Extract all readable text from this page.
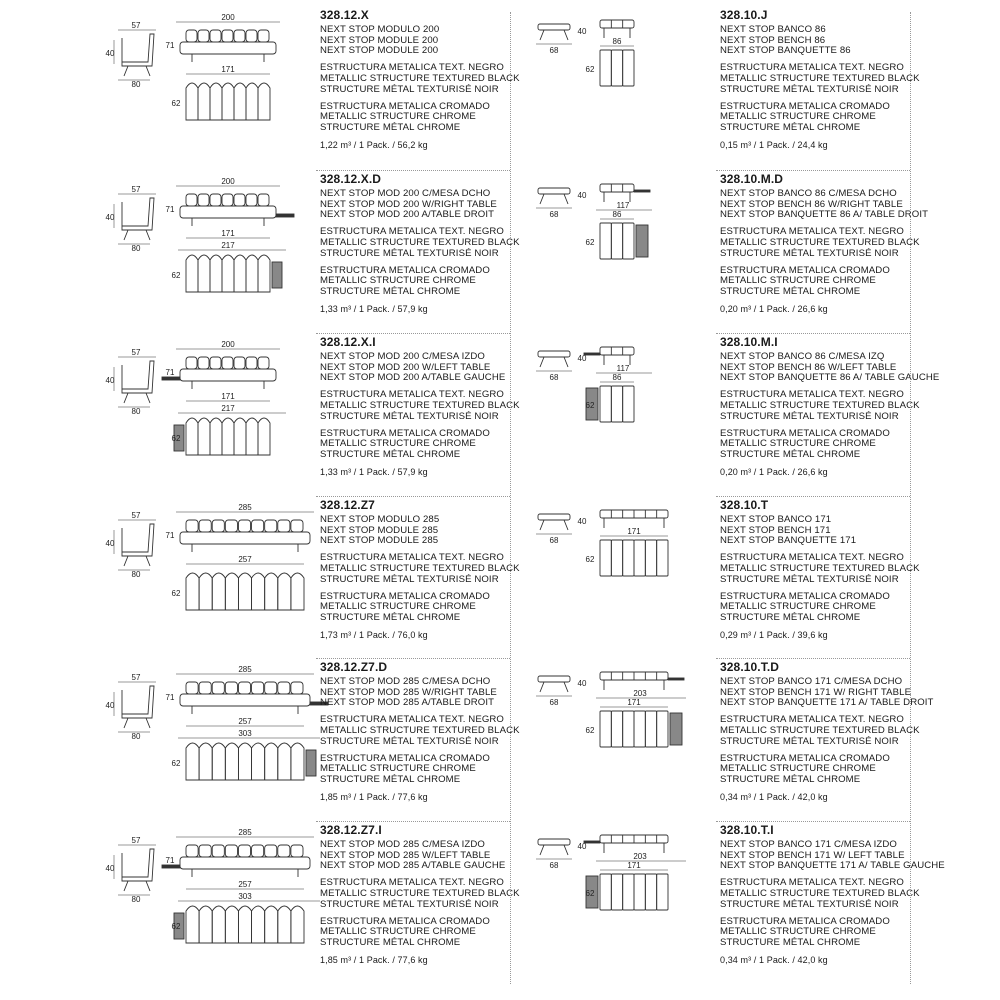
57
40
80
200
71
171
62
328.12.X
NEXT STOP MODULO 200
NEXT STOP MODULE 200
NEXT STOP MODULE 200
ESTRUCTURA METALICA TEXT. NEGRO
METALLIC STRUCTURE TEXTURED BLACK
STRUCTURE MÉTAL TEXTURISÉ NOIR
ESTRUCTURA METALICA CROMADO
METALLIC STRUCTURE CHROME
STRUCTURE MÉTAL CHROME
1,22 m³ / 1 Pack. / 56,2 kg
57
40
80
200
71
171
217
62
328.12.X.D
NEXT STOP MOD 200 C/MESA DCHO
NEXT STOP MOD 200 W/RIGHT TABLE
NEXT STOP MOD 200 A/TABLE DROIT
ESTRUCTURA METALICA TEXT. NEGRO
METALLIC STRUCTURE TEXTURED BLACK
STRUCTURE MÉTAL TEXTURISÉ NOIR
ESTRUCTURA METALICA CROMADO
METALLIC STRUCTURE CHROME
STRUCTURE MÉTAL CHROME
1,33 m³ / 1 Pack. / 57,9 kg
57
40
80
200
71
171
217
62
328.12.X.I
NEXT STOP MOD 200 C/MESA IZDO
NEXT STOP MOD 200 W/LEFT TABLE
NEXT STOP MOD 200 A/TABLE GAUCHE
ESTRUCTURA METALICA TEXT. NEGRO
METALLIC STRUCTURE TEXTURED BLACK
STRUCTURE MÉTAL TEXTURISÉ NOIR
ESTRUCTURA METALICA CROMADO
METALLIC STRUCTURE CHROME
STRUCTURE MÉTAL CHROME
1,33 m³ / 1 Pack. / 57,9 kg
57
40
80
285
71
257
62
328.12.Z7
NEXT STOP MODULO 285
NEXT STOP MODULE 285
NEXT STOP MODULE 285
ESTRUCTURA METALICA TEXT. NEGRO
METALLIC STRUCTURE TEXTURED BLACK
STRUCTURE MÉTAL TEXTURISÉ NOIR
ESTRUCTURA METALICA CROMADO
METALLIC STRUCTURE CHROME
STRUCTURE MÉTAL CHROME
1,73 m³ / 1 Pack. / 76,0 kg
57
40
80
285
71
257
303
62
328.12.Z7.D
NEXT STOP MOD 285 C/MESA DCHO
NEXT STOP MOD 285 W/RIGHT TABLE
NEXT STOP MOD 285 A/TABLE DROIT
ESTRUCTURA METALICA TEXT. NEGRO
METALLIC STRUCTURE TEXTURED BLACK
STRUCTURE MÉTAL TEXTURISÉ NOIR
ESTRUCTURA METALICA CROMADO
METALLIC STRUCTURE CHROME
STRUCTURE MÉTAL CHROME
1,85 m³ / 1 Pack. / 77,6 kg
57
40
80
285
71
257
303
62
328.12.Z7.I
NEXT STOP MOD 285 C/MESA IZDO
NEXT STOP MOD 285 W/LEFT TABLE
NEXT STOP MOD 285 A/TABLE GAUCHE
ESTRUCTURA METALICA TEXT. NEGRO
METALLIC STRUCTURE TEXTURED BLACK
STRUCTURE MÉTAL TEXTURISÉ NOIR
ESTRUCTURA METALICA CROMADO
METALLIC STRUCTURE CHROME
STRUCTURE MÉTAL CHROME
1,85 m³ / 1 Pack. / 77,6 kg
68
40
86
62
328.10.J
NEXT STOP BANCO 86
NEXT STOP BENCH 86
NEXT STOP BANQUETTE 86
ESTRUCTURA METALICA TEXT. NEGRO
METALLIC STRUCTURE TEXTURED BLACK
STRUCTURE MÉTAL TEXTURISÉ NOIR
ESTRUCTURA METALICA CROMADO
METALLIC STRUCTURE CHROME
STRUCTURE MÉTAL CHROME
0,15 m³ / 1 Pack. / 24,4 kg
68
40
117
86
62
328.10.M.D
NEXT STOP BANCO 86 C/MESA DCHO
NEXT STOP BENCH 86 W/RIGHT TABLE
NEXT STOP BANQUETTE 86 A/ TABLE DROIT
ESTRUCTURA METALICA TEXT. NEGRO
METALLIC STRUCTURE TEXTURED BLACK
STRUCTURE MÉTAL TEXTURISÉ NOIR
ESTRUCTURA METALICA CROMADO
METALLIC STRUCTURE CHROME
STRUCTURE MÉTAL CHROME
0,20 m³ / 1 Pack. / 26,6 kg
68
40
117
86
62
328.10.M.I
NEXT STOP BANCO 86 C/MESA IZQ
NEXT STOP BENCH 86 W/LEFT TABLE
NEXT STOP BANQUETTE 86 A/ TABLE GAUCHE
ESTRUCTURA METALICA TEXT. NEGRO
METALLIC STRUCTURE TEXTURED BLACK
STRUCTURE MÉTAL TEXTURISÉ NOIR
ESTRUCTURA METALICA CROMADO
METALLIC STRUCTURE CHROME
STRUCTURE MÉTAL CHROME
0,20 m³ / 1 Pack. / 26,6 kg
68
40
171
62
328.10.T
NEXT STOP BANCO 171
NEXT STOP BENCH 171
NEXT STOP BANQUETTE 171
ESTRUCTURA METALICA TEXT. NEGRO
METALLIC STRUCTURE TEXTURED BLACK
STRUCTURE MÉTAL TEXTURISÉ NOIR
ESTRUCTURA METALICA CROMADO
METALLIC STRUCTURE CHROME
STRUCTURE MÉTAL CHROME
0,29 m³ / 1 Pack. / 39,6 kg
68
40
203
171
62
328.10.T.D
NEXT STOP BANCO 171 C/MESA DCHO
NEXT STOP BENCH 171 W/ RIGHT TABLE
NEXT STOP BANQUETTE 171 A/ TABLE DROIT
ESTRUCTURA METALICA TEXT. NEGRO
METALLIC STRUCTURE TEXTURED BLACK
STRUCTURE MÉTAL TEXTURISÉ NOIR
ESTRUCTURA METALICA CROMADO
METALLIC STRUCTURE CHROME
STRUCTURE MÉTAL CHROME
0,34 m³ / 1 Pack. / 42,0 kg
68
40
203
171
62
328.10.T.I
NEXT STOP BANCO 171 C/MESA IZDO
NEXT STOP BENCH 171 W/ LEFT TABLE
NEXT STOP BANQUETTE 171 A/ TABLE GAUCHE
ESTRUCTURA METALICA TEXT. NEGRO
METALLIC STRUCTURE TEXTURED BLACK
STRUCTURE MÉTAL TEXTURISÉ NOIR
ESTRUCTURA METALICA CROMADO
METALLIC STRUCTURE CHROME
STRUCTURE MÉTAL CHROME
0,34 m³ / 1 Pack. / 42,0 kg
